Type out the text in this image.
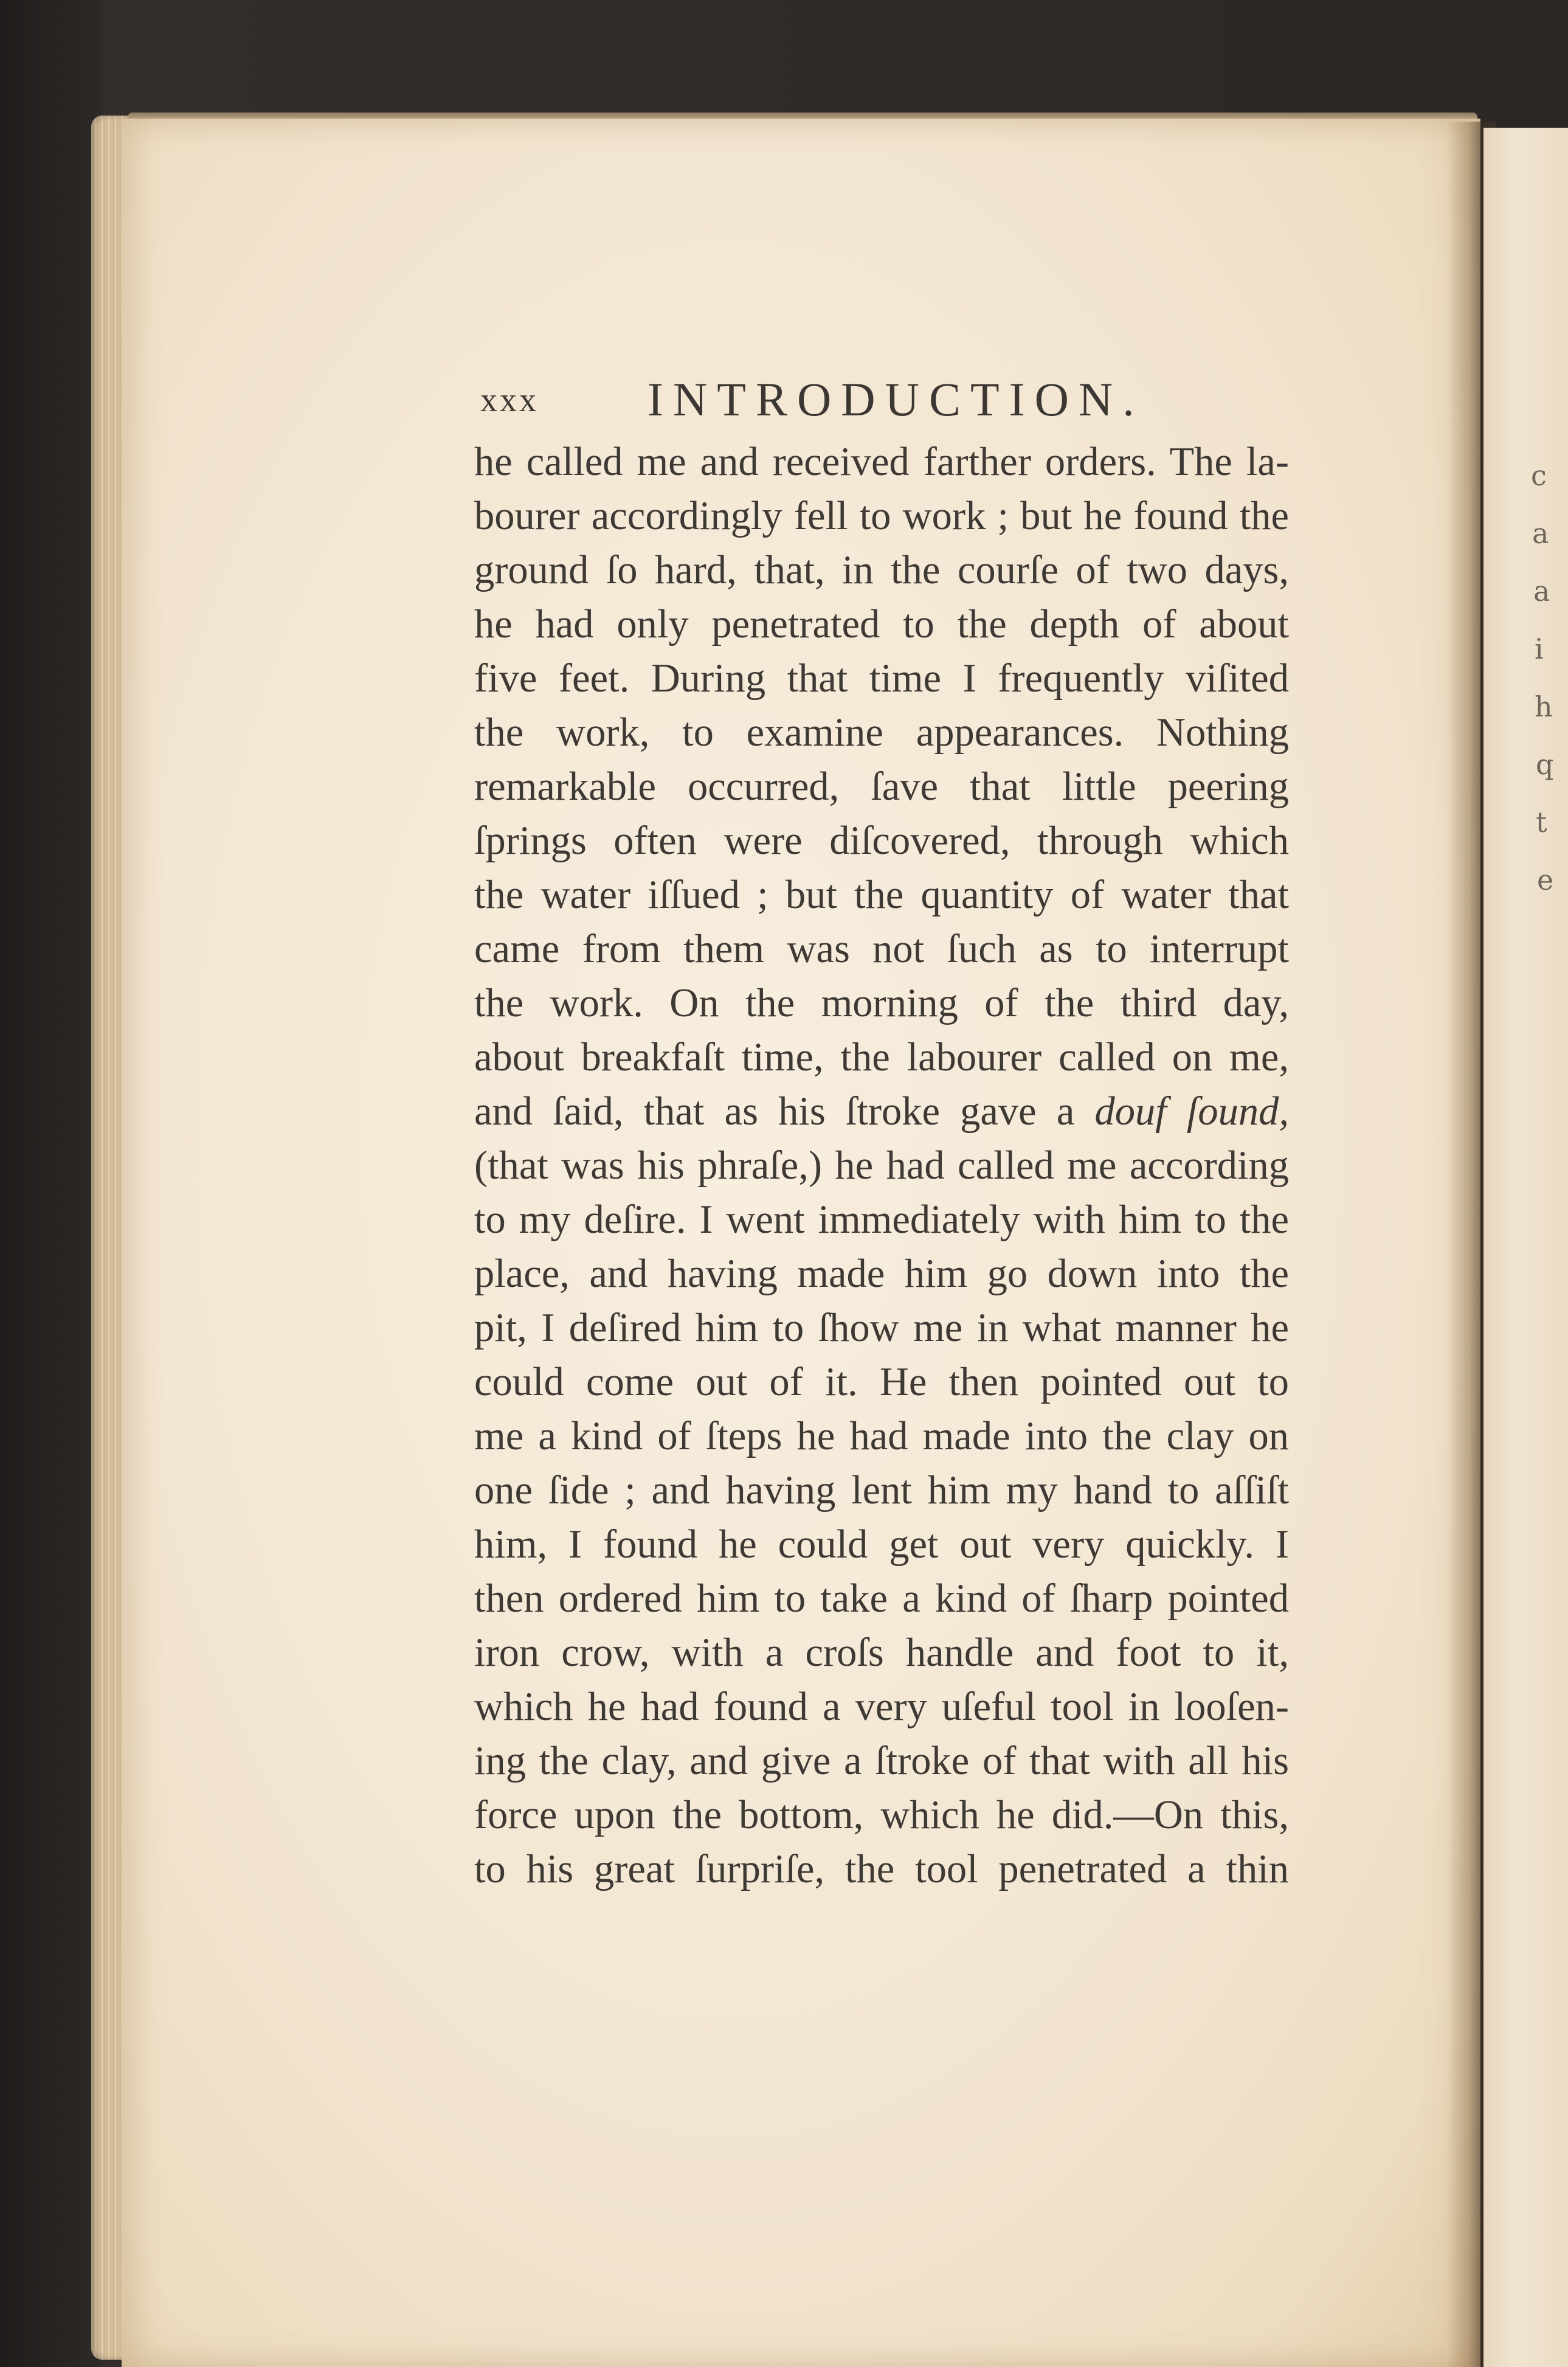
c
a
a
i
h
q
t
e
xxx INTRODUCTION.
he called me and received farther orders. The la-
bourer accordingly fell to work ; but he found the
ground ſo hard, that, in the courſe of two days,
he had only penetrated to the depth of about
five feet. During that time I frequently viſited
the work, to examine appearances. Nothing
remarkable occurred, ſave that little peering
ſprings often were diſcovered, through which
the water iſſued ; but the quantity of water that
came from them was not ſuch as to interrupt
the work. On the morning of the third day,
about breakfaſt time, the labourer called on me,
and ſaid, that as his ſtroke gave a douf ſound,
(that was his phraſe,) he had called me according
to my deſire. I went immediately with him to the
place, and having made him go down into the
pit, I deſired him to ſhow me in what manner he
could come out of it. He then pointed out to
me a kind of ſteps he had made into the clay on
one ſide ; and having lent him my hand to aſſiſt
him, I found he could get out very quickly. I
then ordered him to take a kind of ſharp pointed
iron crow, with a croſs handle and foot to it,
which he had found a very uſeful tool in looſen-
ing the clay, and give a ſtroke of that with all his
force upon the bottom, which he did.—On this,
to his great ſurpriſe, the tool penetrated a thin
